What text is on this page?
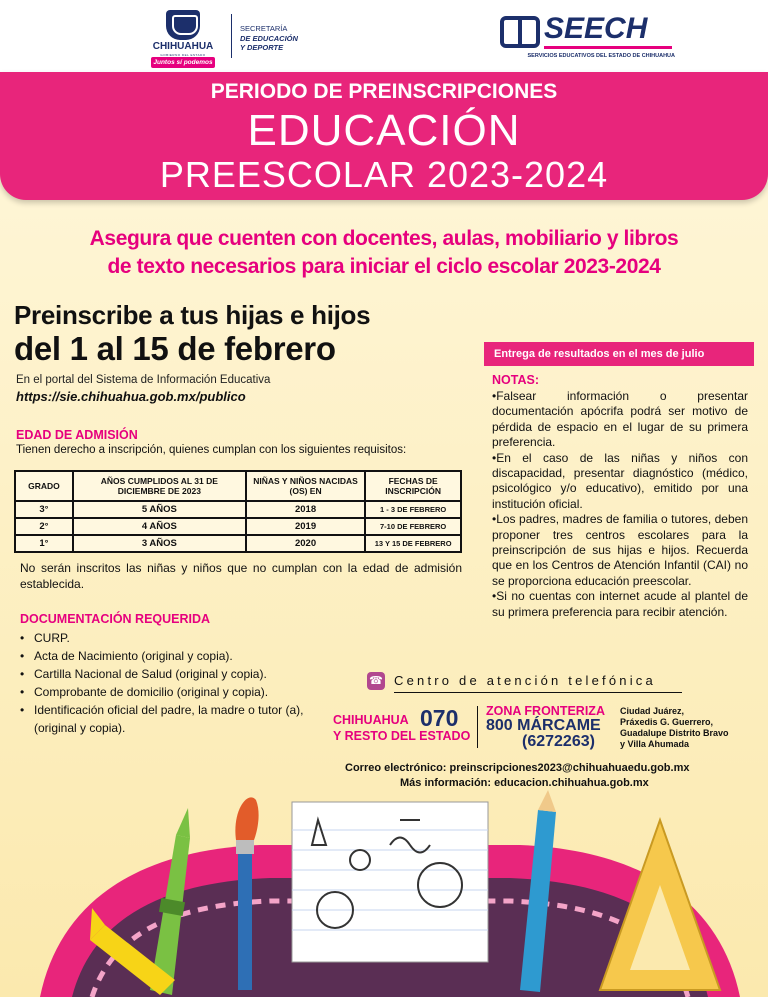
CHIHUAHUA
GOBIERNO DEL ESTADO
Juntos sí podemos
SECRETARÍA
DE EDUCACIÓN
Y DEPORTE
SEECH
SERVICIOS EDUCATIVOS DEL ESTADO DE CHIHUAHUA
PERIODO DE PREINSCRIPCIONES
EDUCACIÓN
PREESCOLAR 2023-2024
Asegura que cuenten con docentes, aulas, mobiliario y libros
de texto necesarios para iniciar el ciclo escolar 2023-2024
Preinscribe a tus hijas e hijos
del 1 al 15 de febrero
En el portal del Sistema de Información Educativa
https://sie.chihuahua.gob.mx/publico
EDAD DE ADMISIÓN
Tienen derecho a inscripción, quienes cumplan con los siguientes requisitos:
GRADO	AÑOS CUMPLIDOS AL 31 DE DICIEMBRE DE 2023	NIÑAS Y NIÑOS NACIDAS (OS) EN	FECHAS DE INSCRIPCIÓN
3°	5 AÑOS	2018	1 - 3 DE FEBRERO
2°	4 AÑOS	2019	7-10 DE FEBRERO
1°	3 AÑOS	2020	13 Y 15 DE FEBRERO
No serán inscritos las niñas y niños que no cumplan con la edad de admisión establecida.
DOCUMENTACIÓN REQUERIDA
• CURP.
• Acta de Nacimiento (original y copia).
• Cartilla Nacional de Salud (original y copia).
• Comprobante de domicilio (original y copia).
• Identificación oficial del padre, la madre o tutor (a), (original y copia).
Entrega de resultados en el mes de julio
NOTAS:
•Falsear información o presentar documentación apócrifa podrá ser motivo de pérdida de espacio en el lugar de su primera preferencia.
•En el caso de las niñas y niños con discapacidad, presentar diagnóstico (médico, psicológico y/o educativo), emitido por una institución oficial.
•Los padres, madres de familia o tutores, deben proponer tres centros escolares para la preinscripción de sus hijas e hijos. Recuerda que en los Centros de Atención Infantil (CAI) no se proporciona educación preescolar.
•Si no cuentas con internet acude al plantel de su primera preferencia para recibir atención.
☎ Centro de atención telefónica
CHIHUAHUA
Y RESTO DEL ESTADO
070 ZONA FRONTERIZA
800 MÁRCAME
(6272263)
Ciudad Juárez,
Práxedis G. Guerrero,
Guadalupe Distrito Bravo
y Villa Ahumada
Correo electrónico: preinscripciones2023@chihuahuaedu.gob.mx
Más información: educacion.chihuahua.gob.mx
